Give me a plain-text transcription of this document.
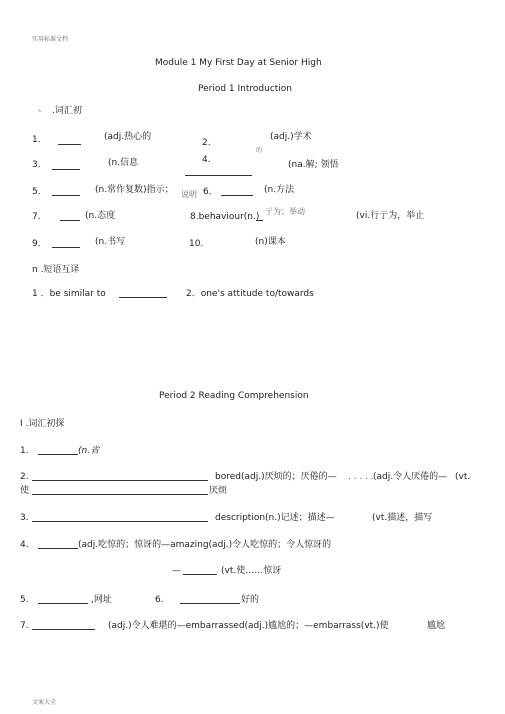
实用标准文档
文案大全
Module 1 My First Day at Senior High
Period 1 Introduction
、 .词汇初
1．	(adj.热心的
2.
(adj.)学术
的
3．	(n.信息	4．	(na.解; 领悟
5．	(n.常作复数)指示； 说明 6．	(n.方法
7．	(n.态度	8.behaviour(n.)
亍为；举动	(vi.行亍为，举止
9．	(n.书写	10.	(n)课本
n .短语互译
1 ．be similar to	2．one's attitude to/towards
Period 2 Reading Comprehension
I .词汇初探
1．	(n.省
2.	bored(adj.)厌烦的；厌倦的— . . . . . (adj.令人厌倦的— (vt.
使	厌烦
3.	description(n.)记述；描述—	(vt.描述，描写
4.	(adj.吃惊的；惊讶的—amazing(adj.)令人吃惊的；令人惊讶的
—	(vt.使……惊讶
5.	,网址	6.	好的
7.	(adj.)令人难堪的—embarrassed(adj.)尴尬的；—embarrass(vt.)使	尴尬
